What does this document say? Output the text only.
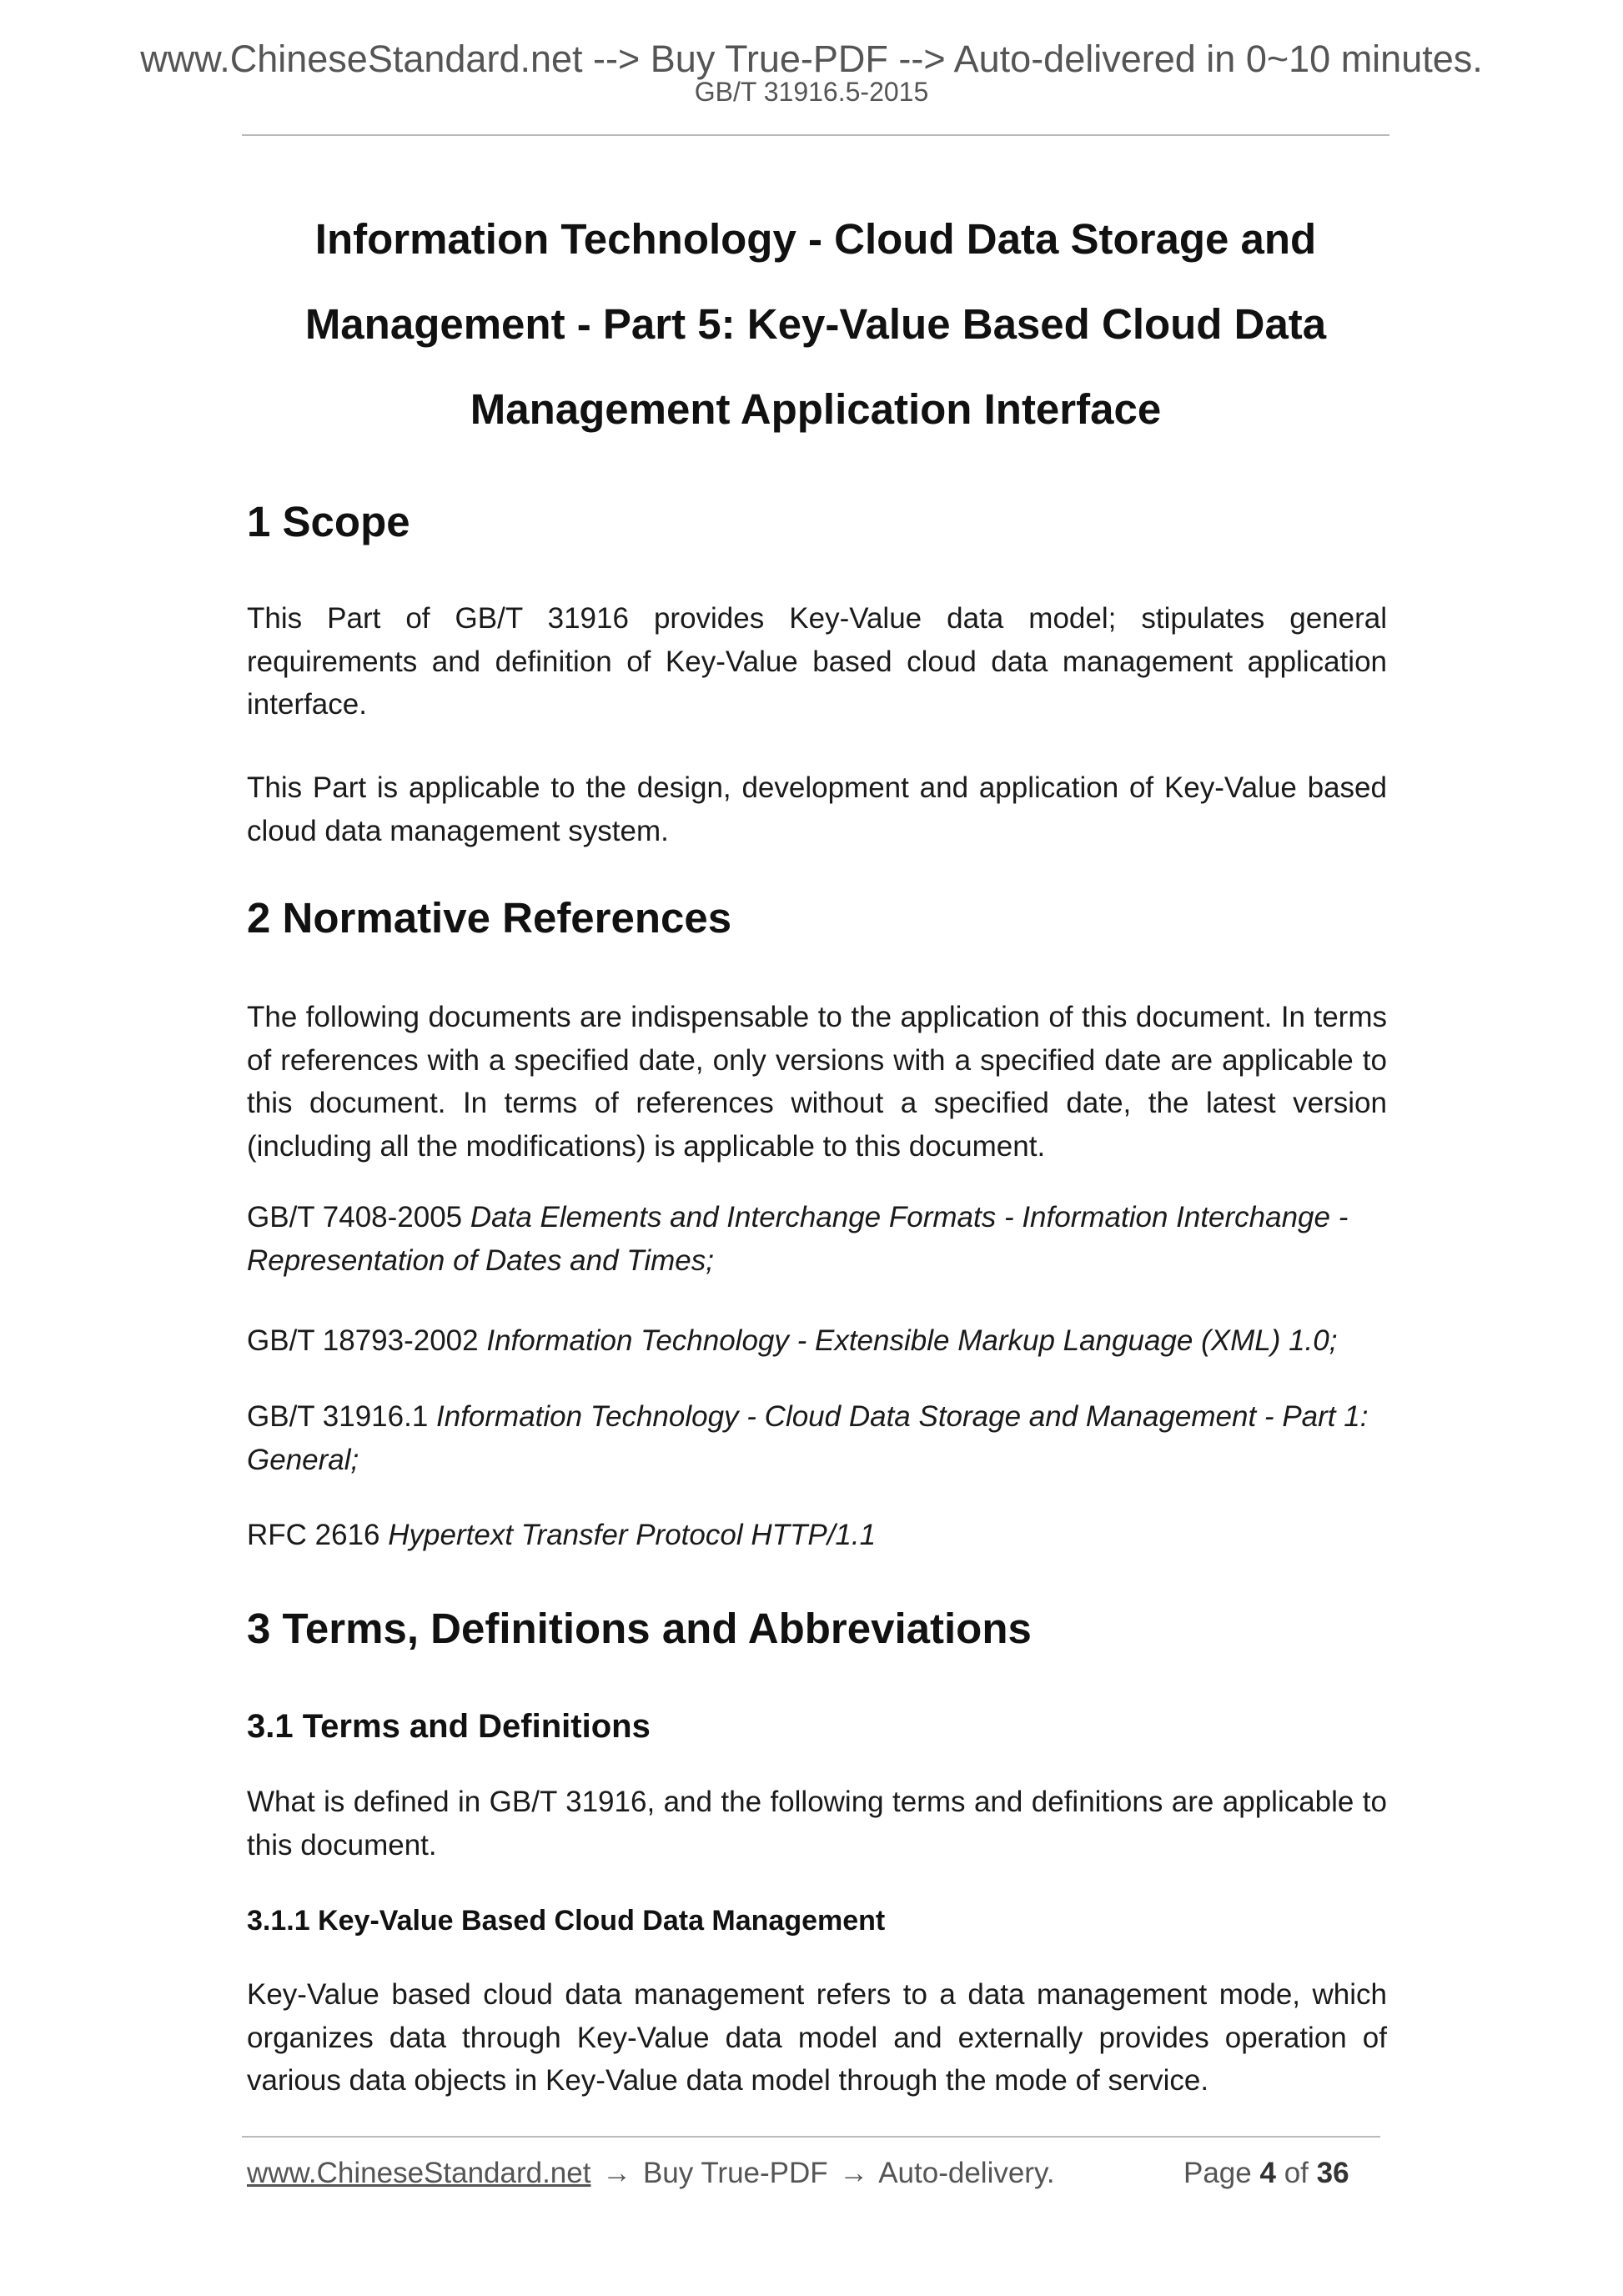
www.ChineseStandard.net --> Buy True-PDF --> Auto-delivered in 0~10 minutes.
GB/T 31916.5-2015
Information Technology - Cloud Data Storage and
Management - Part 5: Key-Value Based Cloud Data
Management Application Interface
1 Scope

This Part of GB/T 31916 provides Key-Value data model; stipulates general requirements and definition of Key-Value based cloud data management application interface.

This Part is applicable to the design, development and application of Key-Value based cloud data management system.

2 Normative References

The following documents are indispensable to the application of this document. In terms of references with a specified date, only versions with a specified date are applicable to this document. In terms of references without a specified date, the latest version (including all the modifications) is applicable to this document.

GB/T 7408-2005 Data Elements and Interchange Formats - Information Interchange - Representation of Dates and Times;

GB/T 18793-2002 Information Technology - Extensible Markup Language (XML) 1.0;

GB/T 31916.1 Information Technology - Cloud Data Storage and Management - Part 1: General;

RFC 2616 Hypertext Transfer Protocol HTTP/1.1

3 Terms, Definitions and Abbreviations
3.1 Terms and Definitions

What is defined in GB/T 31916, and the following terms and definitions are applicable to this document.

3.1.1 Key-Value Based Cloud Data Management

Key-Value based cloud data management refers to a data management mode, which organizes data through Key-Value data model and externally provides operation of various data objects in Key-Value data model through the mode of service.

www.ChineseStandard.net → Buy True-PDF → Auto-delivery.	Page 4 of 36
